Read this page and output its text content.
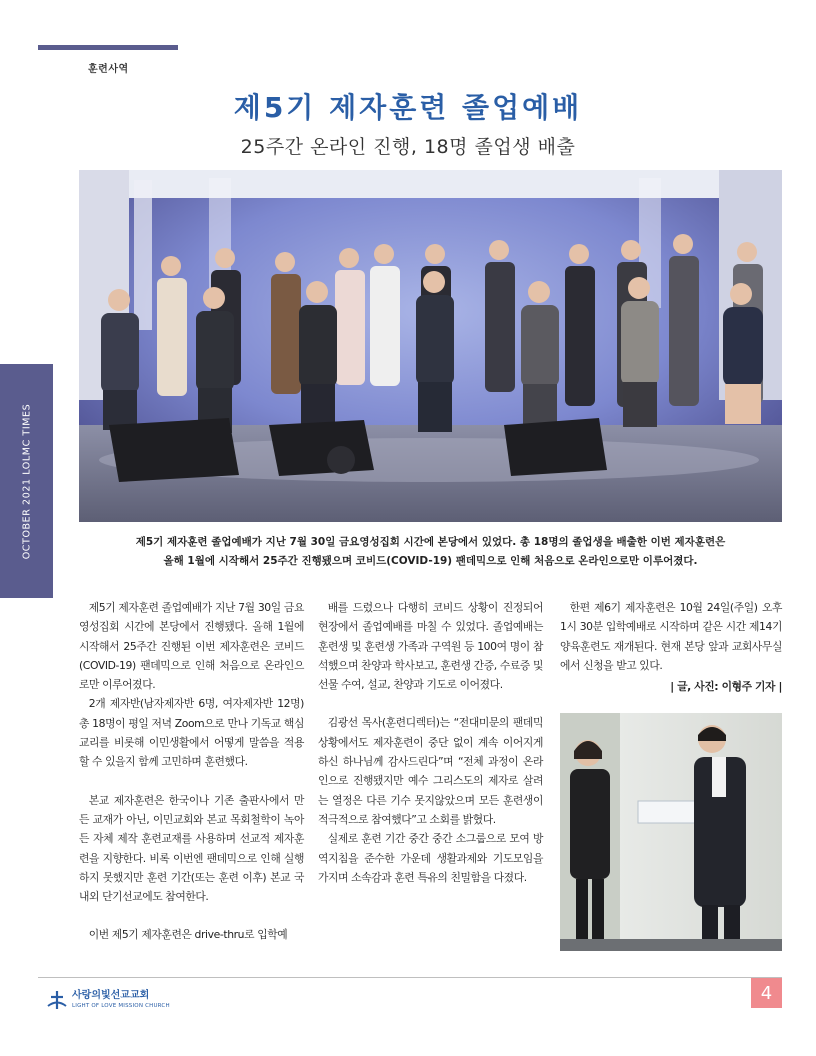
훈련사역
제5기 제자훈련 졸업예배
25주간 온라인 진행, 18명 졸업생 배출
OCTOBER 2021 LOLMC TIMES	제5기 제자훈련 졸업예배가 지난 7월 30일 금요영성집회 시간에 본당에서 있었다. 총 18명의 졸업생을 배출한 이번 제자훈련은
올해 1월에 시작해서 25주간 진행됐으며 코비드(COVID-19) 팬데믹으로 인해 처음으로 온라인으로만 이루어졌다.

제5기 제자훈련 졸업예배가 지난 7월 30일 금요영성집회 시간에 본당에서 진행됐다. 올해 1월에 시작해서 25주간 진행된 이번 제자훈련은 코비드(COVID-19) 팬데믹으로 인해 처음으로 온라인으로만 이루어졌다.

2개 제자반(남자제자반 6명, 여자제자반 12명) 총 18명이 평일 저녁 Zoom으로 만나 기독교 핵심교리를 비롯해 이민생활에서 어떻게 말씀을 적용할 수 있을지 함께 고민하며 훈련했다.

본교 제자훈련은 한국이나 기존 출판사에서 만든 교재가 아닌, 이민교회와 본교 목회철학이 녹아든 자체 제작 훈련교재를 사용하며 선교적 제자훈련을 지향한다. 비록 이번엔 팬데믹으로 인해 실행하지 못했지만 훈련 기간(또는 훈련 이후) 본교 국내외 단기선교에도 참여한다.

이번 제5기 제자훈련은 drive-thru로 입학예

배를 드렸으나 다행히 코비드 상황이 진정되어 현장에서 졸업예배를 마칠 수 있었다. 졸업예배는 훈련생 및 훈련생 가족과 구역원 등 100여 명이 참석했으며 찬양과 학사보고, 훈련생 간증, 수료증 및 선물 수여, 설교, 찬양과 기도로 이어졌다.

김광선 목사(훈련디렉터)는 “전대미문의 팬데믹 상황에서도 제자훈련이 중단 없이 계속 이어지게 하신 하나님께 감사드린다”며 “전체 과정이 온라인으로 진행됐지만 예수 그리스도의 제자로 살려는 열정은 다른 기수 못지않았으며 모든 훈련생이 적극적으로 참여했다”고 소회를 밝혔다.

실제로 훈련 기간 중간 중간 소그룹으로 모여 방역지침을 준수한 가운데 생활과제와 기도모임을 가지며 소속감과 훈련 특유의 친밀함을 다졌다.

한편 제6기 제자훈련은 10월 24일(주일) 오후 1시 30분 입학예배로 시작하며 같은 시간 제14기 양육훈련도 재개된다. 현재 본당 앞과 교회사무실에서 신청을 받고 있다.

| 글, 사진: 이형주 기자 |
사랑의빛선교교회
LIGHT OF LOVE MISSION CHURCH
4
